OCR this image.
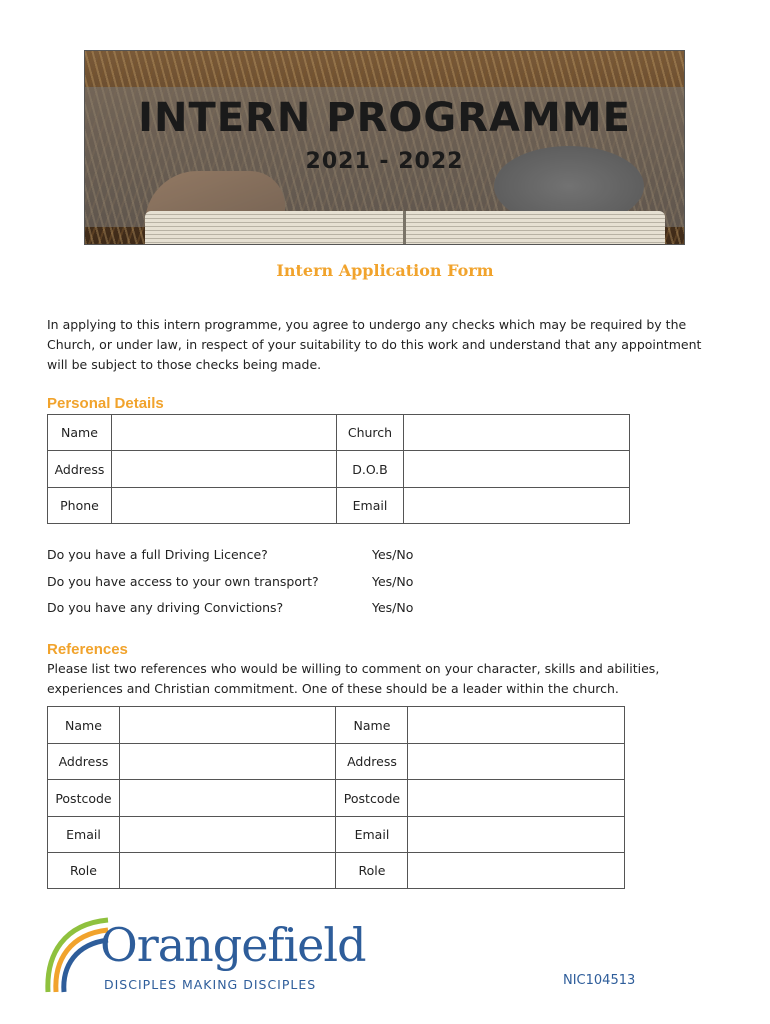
INTERN PROGRAMME
2021 - 2022
Intern Application Form
In applying to this intern programme, you agree to undergo any checks which may be required by the Church, or under law, in respect of your suitability to do this work and understand that any appointment will be subject to those checks being made.
Personal Details
Name		Church	
Address		D.O.B	
Phone		Email	
Do you have a full Driving Licence?	Yes/No
Do you have access to your own transport?	Yes/No
Do you have any driving Convictions?	Yes/No
References
Please list two references who would be willing to comment on your character, skills and abilities, experiences and Christian commitment. One of these should be a leader within the church.
Name		Name	
Address		Address	
Postcode		Postcode	
Email		Email	
Role		Role	
Orangefield
DISCIPLES MAKING DISCIPLES	NIC104513
